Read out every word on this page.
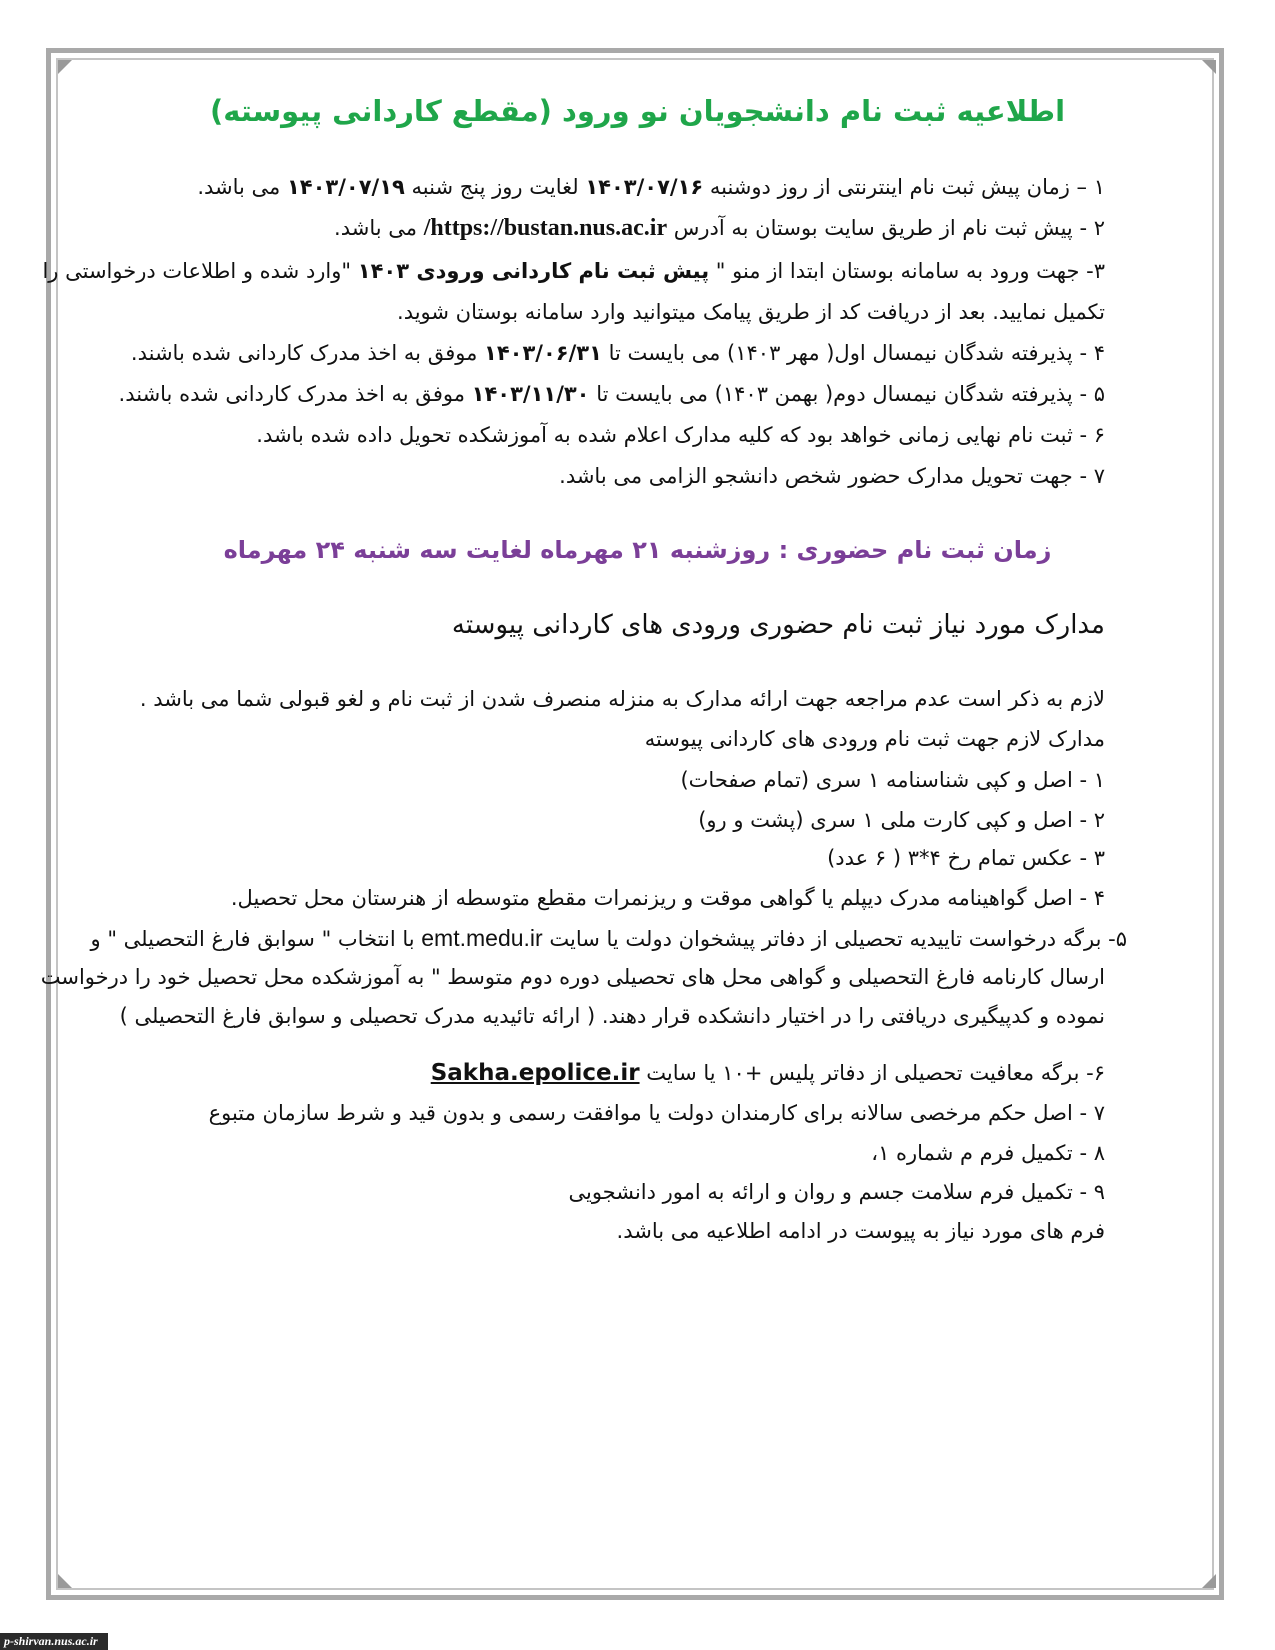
اطلاعیه ثبت نام دانشجویان نو ورود (مقطع کاردانی پیوسته)
۱ – زمان پیش ثبت نام اینترنتی از روز دوشنبه ۱۴۰۳/۰۷/۱۶ لغایت روز پنج شنبه ۱۴۰۳/۰۷/۱۹ می باشد.
۲ - پیش ثبت نام از طریق سایت بوستان به آدرس https://bustan.nus.ac.ir/ می باشد.
۳- جهت ورود به سامانه بوستان ابتدا از منو " پیش ثبت نام کاردانی ورودی ۱۴۰۳ "وارد شده و اطلاعات درخواستی را
تکمیل نمایید. بعد از دریافت کد از طریق پیامک میتوانید وارد سامانه بوستان شوید.
۴ - پذیرفته شدگان نیمسال اول( مهر ۱۴۰۳) می بایست تا ۱۴۰۳/۰۶/۳۱ موفق به اخذ مدرک کاردانی شده باشند.
۵ - پذیرفته شدگان نیمسال دوم( بهمن ۱۴۰۳) می بایست تا ۱۴۰۳/۱۱/۳۰ موفق به اخذ مدرک کاردانی شده باشند.
۶ - ثبت نام نهایی زمانی خواهد بود که کلیه مدارک اعلام شده به آموزشکده تحویل داده شده باشد.
۷ - جهت تحویل مدارک حضور شخص دانشجو الزامی می باشد.
زمان ثبت نام حضوری : روزشنبه ۲۱ مهرماه لغایت سه شنبه ۲۴ مهرماه
مدارک مورد نیاز ثبت نام حضوری ورودی های کاردانی پیوسته
لازم به ذکر است عدم مراجعه جهت ارائه مدارک به منزله منصرف شدن از ثبت نام و لغو قبولی شما می باشد .
مدارک لازم جهت ثبت نام ورودی های کاردانی پیوسته
۱ - اصل و کپی شناسنامه ۱ سری (تمام صفحات)
۲ - اصل و کپی کارت ملی ۱ سری (پشت و رو)
۳ - عکس تمام رخ ۴*۳ ( ۶ عدد)
۴ - اصل گواهینامه مدرک دیپلم یا گواهی موقت و ریزنمرات مقطع متوسطه از هنرستان محل تحصیل.
۵- برگه درخواست تاییدیه تحصیلی از دفاتر پیشخوان دولت یا سایت emt.medu.ir با انتخاب " سوابق فارغ التحصیلی " و
ارسال کارنامه فارغ التحصیلی و گواهی محل های تحصیلی دوره دوم متوسط " به آموزشکده محل تحصیل خود را درخواست
نموده و کدپیگیری دریافتی را در اختیار دانشکده قرار دهند. ( ارائه تائیدیه مدرک تحصیلی و سوابق فارغ التحصیلی )
۶- برگه معافیت تحصیلی از دفاتر پلیس +۱۰ یا سایت Sakha.epolice.ir
۷ - اصل حکم مرخصی سالانه برای کارمندان دولت یا موافقت رسمی و بدون قید و شرط سازمان متبوع
۸ - تکمیل فرم م شماره ۱،
۹ - تکمیل فرم سلامت جسم و روان و ارائه به امور دانشجویی
فرم های مورد نیاز به پیوست در ادامه اطلاعیه می باشد.
p-shirvan.nus.ac.ir
